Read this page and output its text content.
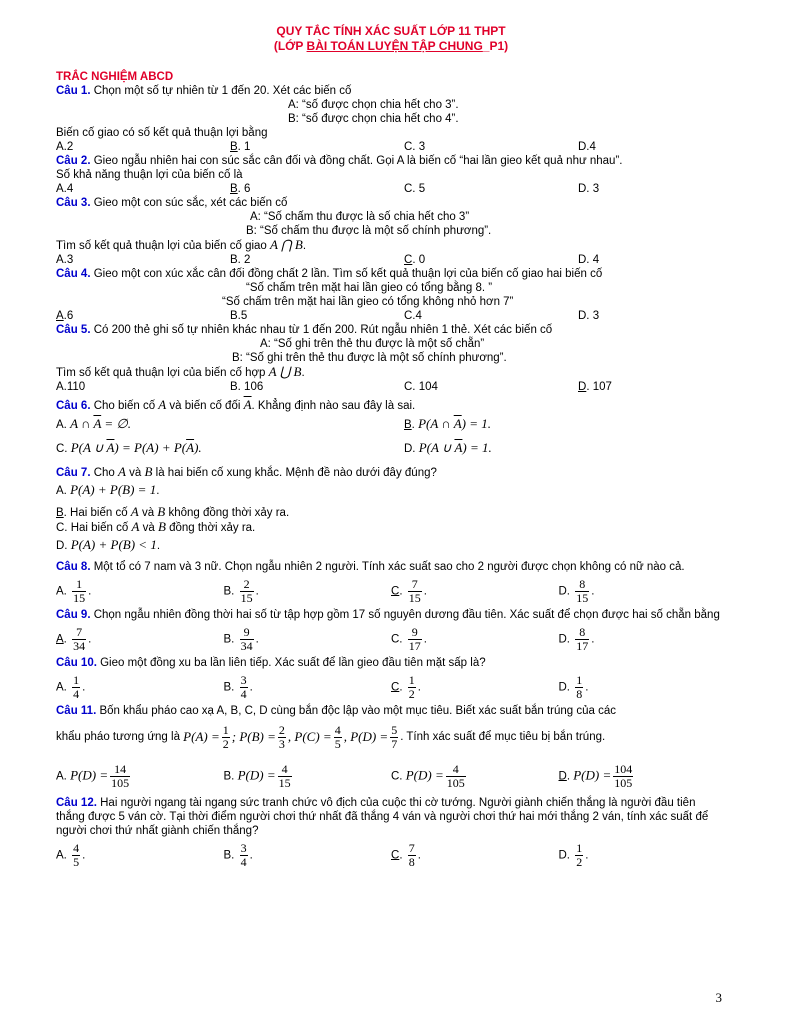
QUY TẮC TÍNH XÁC SUẤT LỚP 11 THPT
(LỚP BÀI TOÁN LUYỆN TẬP CHUNG_P1)
TRẮC NGHIỆM ABCD
Câu 1. Chọn một số tự nhiên từ 1 đến 20. Xét các biến cố
A: “số được chọn chia hết cho 3”.
B: “số được chọn chia hết cho 4”.
Biến cố giao có số kết quả thuận lợi bằng
A.2	B. 1	C. 3	D.4
Câu 2. Gieo ngẫu nhiên hai con súc sắc cân đối và đồng chất. Gọi A là biến cố “hai lần gieo kết quả như nhau”.
Số khả năng thuận lợi của biến cố là
A.4	B. 6	C. 5	D. 3
Câu 3. Gieo một con súc sắc, xét các biến cố
A: “Số chấm thu được là số chia hết cho 3”
B: “Số chấm thu được là một số chính phương”.
Tìm số kết quả thuận lợi của biến cố giao A ⋂ B.
A.3	B. 2	C. 0	D. 4
Câu 4. Gieo một con xúc xắc cân đối đồng chất 2 lần. Tìm số kết quả thuận lợi của biến cố giao hai biến cố
“Số chấm trên mặt hai lần gieo có tổng bằng 8. ”
“Số chấm trên mặt hai lần gieo có tổng không nhỏ hơn 7”
A.6	B.5	C.4	D. 3
Câu 5. Có 200 thẻ ghi số tự nhiên khác nhau từ 1 đến 200. Rút ngẫu nhiên 1 thẻ. Xét các biến cố
A: “Số ghi trên thẻ thu được là một số chẵn”
B: “Số ghi trên thẻ thu được là một số chính phương”.
Tìm số kết quả thuận lợi của biến cố hợp A ⋃ B.
A.110	B. 106	C. 104	D. 107
Câu 6. Cho biến cố A và biến cố đối $\overline{A}$. Khẳng định nào sau đây là sai.
A. A ∩ $\overline{A}$ = ∅.	B. P(A ∩ $\overline{A}) = 1$.
C. P(A ∪ $\overline{A}) = P(A) + P(\overline{A})$.	D. P(A ∪ $\overline{A}) = 1$.
Câu 7. Cho A và B là hai biến cố xung khắc. Mệnh đề nào dưới đây đúng?
A. P(A) + P(B) = 1.
B. Hai biến cố A và B không đồng thời xảy ra.
C. Hai biến cố A và B đồng thời xảy ra.
D. P(A) + P(B) < 1.
Câu 8. Một tổ có 7 nam và 3 nữ. Chọn ngẫu nhiên 2 người. Tính xác suất sao cho 2 người được chọn không có nữ nào cả.
A. $\frac{1}{15}$ .	B. $\frac{2}{15}$ .	C. $\frac{7}{15}$ .	D. $\frac{8}{15}$ .
Câu 9. Chọn ngẫu nhiên đồng thời hai số từ tập hợp gồm 17 số nguyên dương đầu tiên. Xác suất để chọn được hai số chẵn bằng
A. $\frac{7}{34}$ .	B. $\frac{9}{34}$ .	C. $\frac{9}{17}$ .	D. $\frac{8}{17}$ .
Câu 10. Gieo một đồng xu ba lần liên tiếp. Xác suất để lần gieo đầu tiên mặt sấp là?
A. $\frac{1}{4}$ .	B. $\frac{3}{4}$ .	C. $\frac{1}{2}$ .	D. $\frac{1}{8}$ .
Câu 11. Bốn khẩu pháo cao xạ A, B, C, D cùng bắn độc lập vào một mục tiêu. Biết xác suất bắn trúng của các
khẩu pháo tương ứng là
$P(A) = \frac{1}{2}$ ; $P(B) = \frac{2}{3}$ , $P(C) = \frac{4}{5}$ , $P(D) = \frac{5}{7}$ . Tính xác suất để mục tiêu bị bắn trúng.
A. $P(D) = \frac{14}{105}$	B. $P(D) = \frac{4}{15}$	C. $P(D) = \frac{4}{105}$	D. $P(D) = \frac{104}{105}$
Câu 12. Hai người ngang tài ngang sức tranh chức vô địch của cuộc thi cờ tướng. Người giành chiến thắng là người đầu tiên thắng được 5 ván cờ. Tại thời điểm người chơi thứ nhất đã thắng 4 ván và người chơi thứ hai mới thắng 2 ván, tính xác suất để người chơi thứ nhất giành chiến thắng?
A. $\frac{4}{5}$ .	B. $\frac{3}{4}$ .	C. $\frac{7}{8}$ .	D. $\frac{1}{2}$ .
3
